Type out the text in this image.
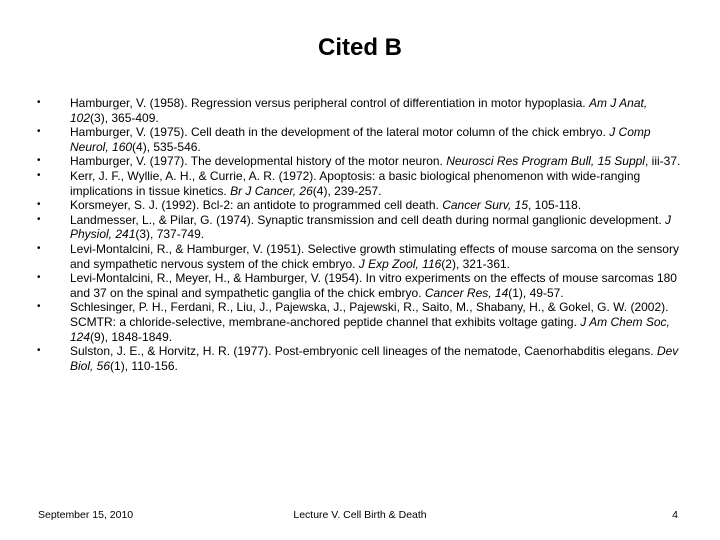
Cited B
•	Hamburger, V. (1958). Regression versus peripheral control of differentiation in motor hypoplasia. Am J Anat, 102(3), 365-409.
•	Hamburger, V. (1975). Cell death in the development of the lateral motor column of the chick embryo. J Comp Neurol, 160(4), 535-546.
•	Hamburger, V. (1977). The developmental history of the motor neuron. Neurosci Res Program Bull, 15 Suppl, iii-37.
•	Kerr, J. F., Wyllie, A. H., & Currie, A. R. (1972). Apoptosis: a basic biological phenomenon with wide-ranging implications in tissue kinetics. Br J Cancer, 26(4), 239-257.
•	Korsmeyer, S. J. (1992). Bcl-2: an antidote to programmed cell death. Cancer Surv, 15, 105-118.
•	Landmesser, L., & Pilar, G. (1974). Synaptic transmission and cell death during normal ganglionic development. J Physiol, 241(3), 737-749.
•	Levi-Montalcini, R., & Hamburger, V. (1951). Selective growth stimulating effects of mouse sarcoma on the sensory and sympathetic nervous system of the chick embryo. J Exp Zool, 116(2), 321-361.
•	Levi-Montalcini, R., Meyer, H., & Hamburger, V. (1954). In vitro experiments on the effects of mouse sarcomas 180 and 37 on the spinal and sympathetic ganglia of the chick embryo. Cancer Res, 14(1), 49-57.
•	Schlesinger, P. H., Ferdani, R., Liu, J., Pajewska, J., Pajewski, R., Saito, M., Shabany, H., & Gokel, G. W. (2002). SCMTR: a chloride-selective, membrane-anchored peptide channel that exhibits voltage gating. J Am Chem Soc, 124(9), 1848-1849.
•	Sulston, J. E., & Horvitz, H. R. (1977). Post-embryonic cell lineages of the nematode, Caenorhabditis elegans. Dev Biol, 56(1), 110-156.
September 15, 2010	Lecture V. Cell Birth & Death	4
